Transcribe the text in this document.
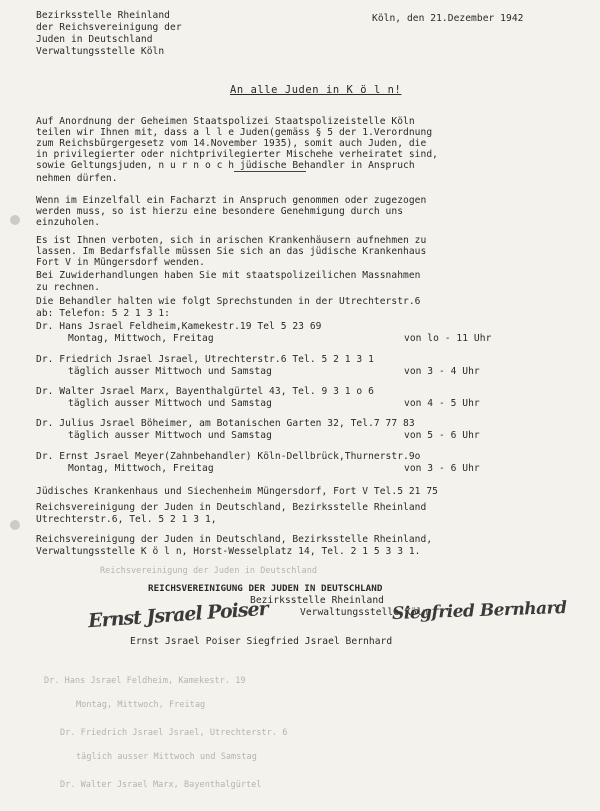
Bezirksstelle Rheinland
der Reichsvereinigung der
Juden in Deutschland
Verwaltungsstelle Köln
Köln, den 21.Dezember 1942
An alle Juden in K ö l n!
Auf Anordnung der Geheimen Staatspolizei Staatspolizeistelle Köln
teilen wir Ihnen mit, dass a l l e Juden(gemäss § 5 der 1.Verordnung
zum Reichsbürgergesetz vom 14.November 1935), somit auch Juden, die
in privilegierter oder nichtprivilegierter Mischehe verheiratet sind,
sowie Geltungsjuden, n u r n o c h jüdische Behandler in Anspruch
nehmen dürfen.
Wenn im Einzelfall ein Facharzt in Anspruch genommen oder zugezogen
werden muss, so ist hierzu eine besondere Genehmigung durch uns
einzuholen.
Es ist Ihnen verboten, sich in arischen Krankenhäusern aufnehmen zu
lassen. Im Bedarfsfalle müssen Sie sich an das jüdische Krankenhaus
Fort V in Müngersdorf wenden.
Bei Zuwiderhandlungen haben Sie mit staatspolizeilichen Massnahmen
zu rechnen.
Die Behandler halten wie folgt Sprechstunden in der Utrechterstr.6
ab: Telefon: 5 2 1 3 1:
Dr. Hans Jsrael Feldheim,Kamekestr.19 Tel 5 23 69
Montag, Mittwoch, Freitag	von lo - 11 Uhr
Dr. Friedrich Jsrael Jsrael, Utrechterstr.6 Tel. 5 2 1 3 1
täglich ausser Mittwoch und Samstag	von 3 - 4 Uhr
Dr. Walter Jsrael Marx, Bayenthalgürtel 43, Tel. 9 3 1 o 6
täglich ausser Mittwoch und Samstag	von 4 - 5 Uhr
Dr. Julius Jsrael Böheimer, am Botanischen Garten 32, Tel.7 77 83
täglich ausser Mittwoch und Samstag	von 5 - 6 Uhr
Dr. Ernst Jsrael Meyer(Zahnbehandler) Köln-Dellbrück,Thurnerstr.9o
Montag, Mittwoch, Freitag	von 3 - 6 Uhr
Jüdisches Krankenhaus und Siechenheim Müngersdorf, Fort V Tel.5 21 75
Reichsvereinigung der Juden in Deutschland, Bezirksstelle Rheinland
Utrechterstr.6, Tel. 5 2 1 3 1,
Reichsvereinigung der Juden in Deutschland, Bezirksstelle Rheinland,
Verwaltungsstelle K ö l n, Horst-Wesselplatz 14, Tel. 2 1 5 3 3 1.
Reichsvereinigung der Juden in Deutschland
REICHSVEREINIGUNG DER JUDEN IN DEUTSCHLAND
Bezirksstelle Rheinland
Verwaltungsstelle Köln
Ernst Jsrael Poiser	Siegfried Bernhard
Ernst Jsrael Poiser Siegfried Jsrael Bernhard
Dr. Hans Jsrael Feldheim, Kamekestr. 19
Montag, Mittwoch, Freitag
Dr. Friedrich Jsrael Jsrael, Utrechterstr. 6
täglich ausser Mittwoch und Samstag
Dr. Walter Jsrael Marx, Bayenthalgürtel
